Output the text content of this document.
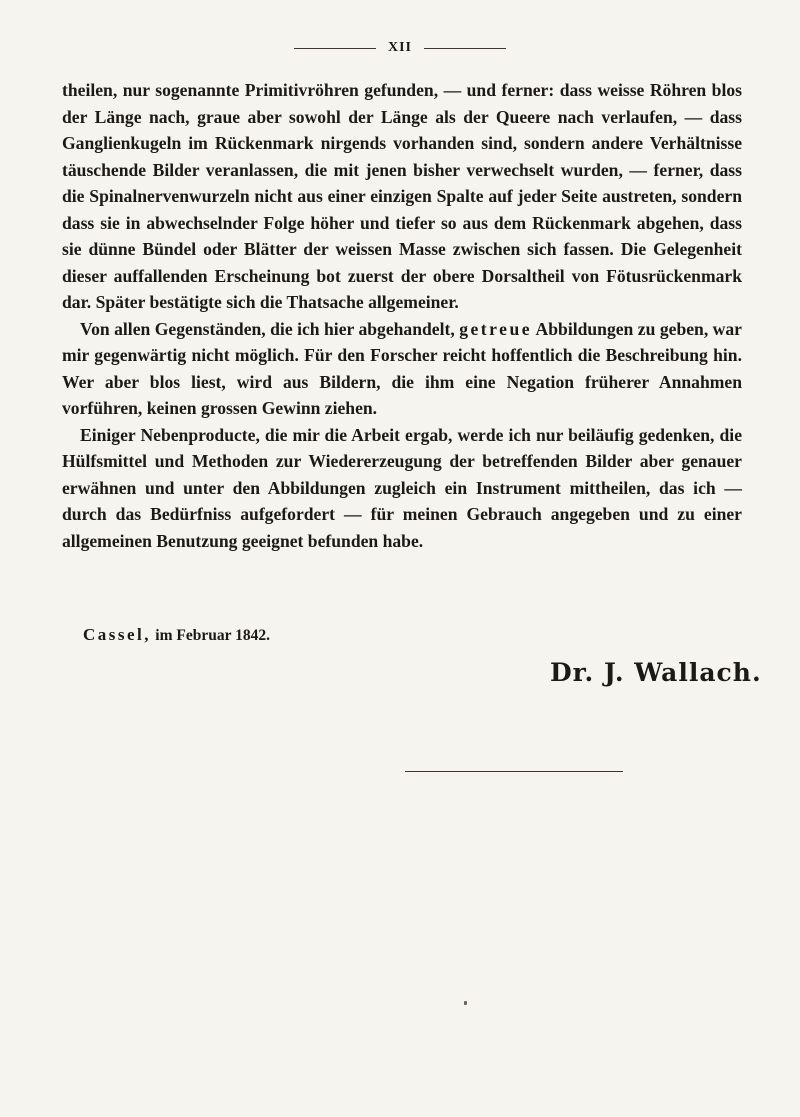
XII

theilen, nur sogenannte Primitivröhren gefunden, — und ferner: dass weisse Röhren blos der Länge nach, graue aber sowohl der Länge als der Queere nach verlaufen, — dass Ganglienkugeln im Rückenmark nirgends vorhanden sind, sondern andere Verhältnisse täuschende Bilder veranlassen, die mit jenen bisher verwechselt wurden, — ferner, dass die Spinalnervenwurzeln nicht aus einer einzigen Spalte auf jeder Seite austreten, sondern dass sie in abwechselnder Folge höher und tiefer so aus dem Rückenmark abgehen, dass sie dünne Bündel oder Blätter der weissen Masse zwischen sich fassen. Die Gelegenheit dieser auffallenden Erscheinung bot zuerst der obere Dorsaltheil von Fötusrückenmark dar. Später bestätigte sich die Thatsache allgemeiner.

Von allen Gegenständen, die ich hier abgehandelt, getreue Abbildungen zu geben, war mir gegenwärtig nicht möglich. Für den Forscher reicht hoffentlich die Beschreibung hin. Wer aber blos liest, wird aus Bildern, die ihm eine Negation früherer Annahmen vorführen, keinen grossen Gewinn ziehen.

Einiger Nebenproducte, die mir die Arbeit ergab, werde ich nur beiläufig gedenken, die Hülfsmittel und Methoden zur Wiedererzeugung der betreffenden Bilder aber genauer erwähnen und unter den Abbildungen zugleich ein Instrument mittheilen, das ich — durch das Bedürfniss aufgefordert — für meinen Gebrauch angegeben und zu einer allgemeinen Benutzung geeignet befunden habe.

Cassel, im Februar 1842.
Dr. J. Wallach.
